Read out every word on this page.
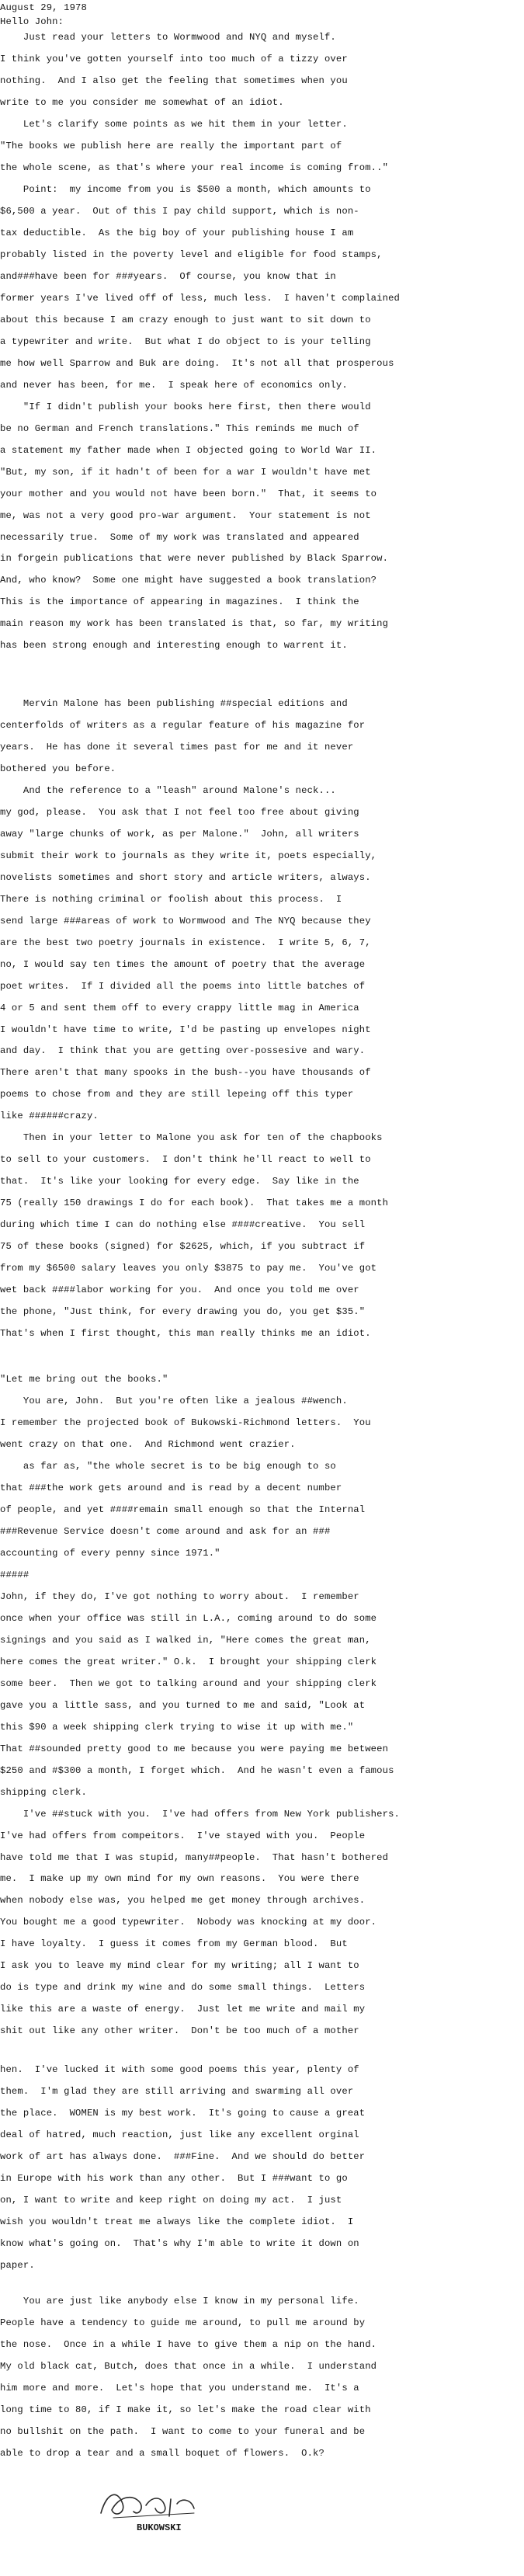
August 29, 1978
Hello John:
Just read your letters to Wormwood and NYQ and myself.
I think you've gotten yourself into too much of a tizzy over
nothing.  And I also get the feeling that sometimes when you
write to me you consider me somewhat of an idiot.
Let's clarify some points as we hit them in your letter.
"The books we publish here are really the important part of
the whole scene, as that's where your real income is coming from.."
Point:  my income from you is $500 a month, which amounts to
$6,500 a year.  Out of this I pay child support, which is non-
tax deductible.  As the big boy of your publishing house I am
probably listed in the poverty level and eligible for food stamps,
and###have been for ###years.  Of course, you know that in
former years I've lived off of less, much less.  I haven't complained
about this because I am crazy enough to just want to sit down to
a typewriter and write.  But what I do object to is your telling
me how well Sparrow and Buk are doing.  It's not all that prosperous
and never has been, for me.  I speak here of economics only.
"If I didn't publish your books here first, then there would
be no German and French translations." This reminds me much of
a statement my father made when I objected going to World War II.
"But, my son, if it hadn't of been for a war I wouldn't have met
your mother and you would not have been born."  That, it seems to
me, was not a very good pro-war argument.  Your statement is not
necessarily true.  Some of my work was translated and appeared
in forgein publications that were never published by Black Sparrow.
And, who know?  Some one might have suggested a book translation?
This is the importance of appearing in magazines.  I think the
main reason my work has been translated is that, so far, my writing
has been strong enough and interesting enough to warrent it.
Mervin Malone has been publishing ##special editions and
centerfolds of writers as a regular feature of his magazine for
years.  He has done it several times past for me and it never
bothered you before.
And the reference to a "leash" around Malone's neck...
my god, please.  You ask that I not feel too free about giving
away "large chunks of work, as per Malone."  John, all writers
submit their work to journals as they write it, poets especially,
novelists sometimes and short story and article writers, always.
There is nothing criminal or foolish about this process.  I
send large ###areas of work to Wormwood and The NYQ because they
are the best two poetry journals in existence.  I write 5, 6, 7,
no, I would say ten times the amount of poetry that the average
poet writes.  If I divided all the poems into little batches of
4 or 5 and sent them off to every crappy little mag in America
I wouldn't have time to write, I'd be pasting up envelopes night
and day.  I think that you are getting over-possesive and wary.
There aren't that many spooks in the bush--you have thousands of
poems to chose from and they are still lepeing off this typer
like ######crazy.
Then in your letter to Malone you ask for ten of the chapbooks
to sell to your customers.  I don't think he'll react to well to
that.  It's like your looking for every edge.  Say like in the
75 (really 150 drawings I do for each book).  That takes me a month
during which time I can do nothing else ####creative.  You sell
75 of these books (signed) for $2625, which, if you subtract if
from my $6500 salary leaves you only $3875 to pay me.  You've got
wet back ####labor working for you.  And once you told me over
the phone, "Just think, for every drawing you do, you get $35."
That's when I first thought, this man really thinks me an idiot.
"Let me bring out the books."
You are, John.  But you're often like a jealous ##wench.
I remember the projected book of Bukowski-Richmond letters.  You
went crazy on that one.  And Richmond went crazier.
as far as, "the whole secret is to be big enough to so
that ###the work gets around and is read by a decent number
of people, and yet ####remain small enough so that the Internal
###Revenue Service doesn't come around and ask for an ###
accounting of every penny since 1971."
#####
John, if they do, I've got nothing to worry about.  I remember
once when your office was still in L.A., coming around to do some
signings and you said as I walked in, "Here comes the great man,
here comes the great writer." O.k.  I brought your shipping clerk
some beer.  Then we got to talking around and your shipping clerk
gave you a little sass, and you turned to me and said, "Look at
this $90 a week shipping clerk trying to wise it up with me."
That ##sounded pretty good to me because you were paying me between
$250 and #$300 a month, I forget which.  And he wasn't even a famous
shipping clerk.
I've ##stuck with you.  I've had offers from New York publishers.
I've had offers from compeitors.  I've stayed with you.  People
have told me that I was stupid, many##people.  That hasn't bothered
me.  I make up my own mind for my own reasons.  You were there
when nobody else was, you helped me get money through archives.
You bought me a good typewriter.  Nobody was knocking at my door.
I have loyalty.  I guess it comes from my German blood.  But
I ask you to leave my mind clear for my writing; all I want to
do is type and drink my wine and do some small things.  Letters
like this are a waste of energy.  Just let me write and mail my
shit out like any other writer.  Don't be too much of a mother
hen.  I've lucked it with some good poems this year, plenty of
them.  I'm glad they are still arriving and swarming all over
the place.  WOMEN is my best work.  It's going to cause a great
deal of hatred, much reaction, just like any excellent orginal
work of art has always done.  ###Fine.  And we should do better
in Europe with his work than any other.  But I ###want to go
on, I want to write and keep right on doing my act.  I just
wish you wouldn't treat me always like the complete idiot.  I
know what's going on.  That's why I'm able to write it down on
paper.
You are just like anybody else I know in my personal life.
People have a tendency to guide me around, to pull me around by
the nose.  Once in a while I have to give them a nip on the hand.
My old black cat, Butch, does that once in a while.  I understand
him more and more.  Let's hope that you understand me.  It's a
long time to 80, if I make it, so let's make the road clear with
no bullshit on the path.  I want to come to your funeral and be
able to drop a tear and a small boquet of flowers.  O.k?
BUKOWSKI
